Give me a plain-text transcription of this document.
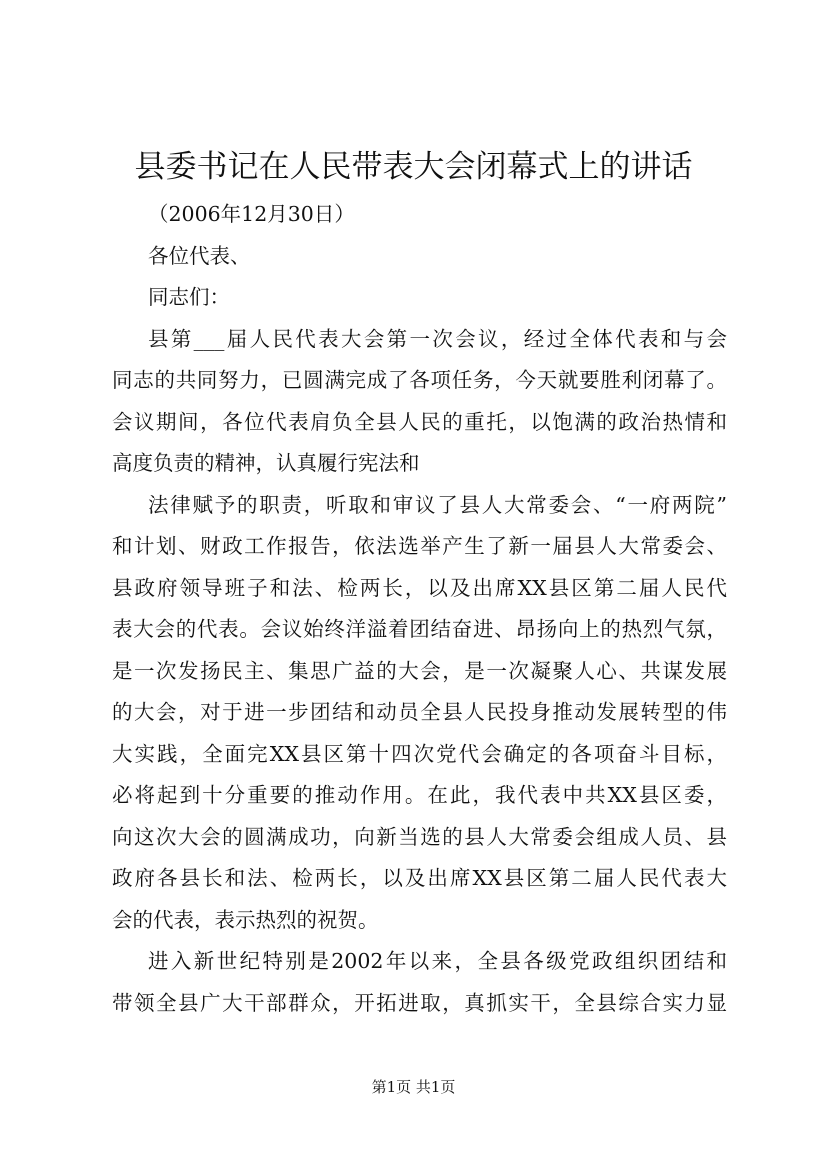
县委书记在人民带表大会闭幕式上的讲话
（2006年12月30日）
各位代表、
同志们：
县第___届人民代表大会第一次会议，经过全体代表和与会
同志的共同努力，已圆满完成了各项任务，今天就要胜利闭幕了。
会议期间，各位代表肩负全县人民的重托，以饱满的政治热情和
高度负责的精神，认真履行宪法和
法律赋予的职责，听取和审议了县人大常委会、“一府两院”
和计划、财政工作报告，依法选举产生了新一届县人大常委会、
县政府领导班子和法、检两长，以及出席XX县区第二届人民代
表大会的代表。会议始终洋溢着团结奋进、昂扬向上的热烈气氛，
是一次发扬民主、集思广益的大会，是一次凝聚人心、共谋发展
的大会，对于进一步团结和动员全县人民投身推动发展转型的伟
大实践，全面完XX县区第十四次党代会确定的各项奋斗目标，
必将起到十分重要的推动作用。在此，我代表中共XX县区委，
向这次大会的圆满成功，向新当选的县人大常委会组成人员、县
政府各县长和法、检两长，以及出席XX县区第二届人民代表大
会的代表，表示热烈的祝贺。
进入新世纪特别是2002年以来，全县各级党政组织团结和
带领全县广大干部群众，开拓进取，真抓实干，全县综合实力显
第1页 共1页
